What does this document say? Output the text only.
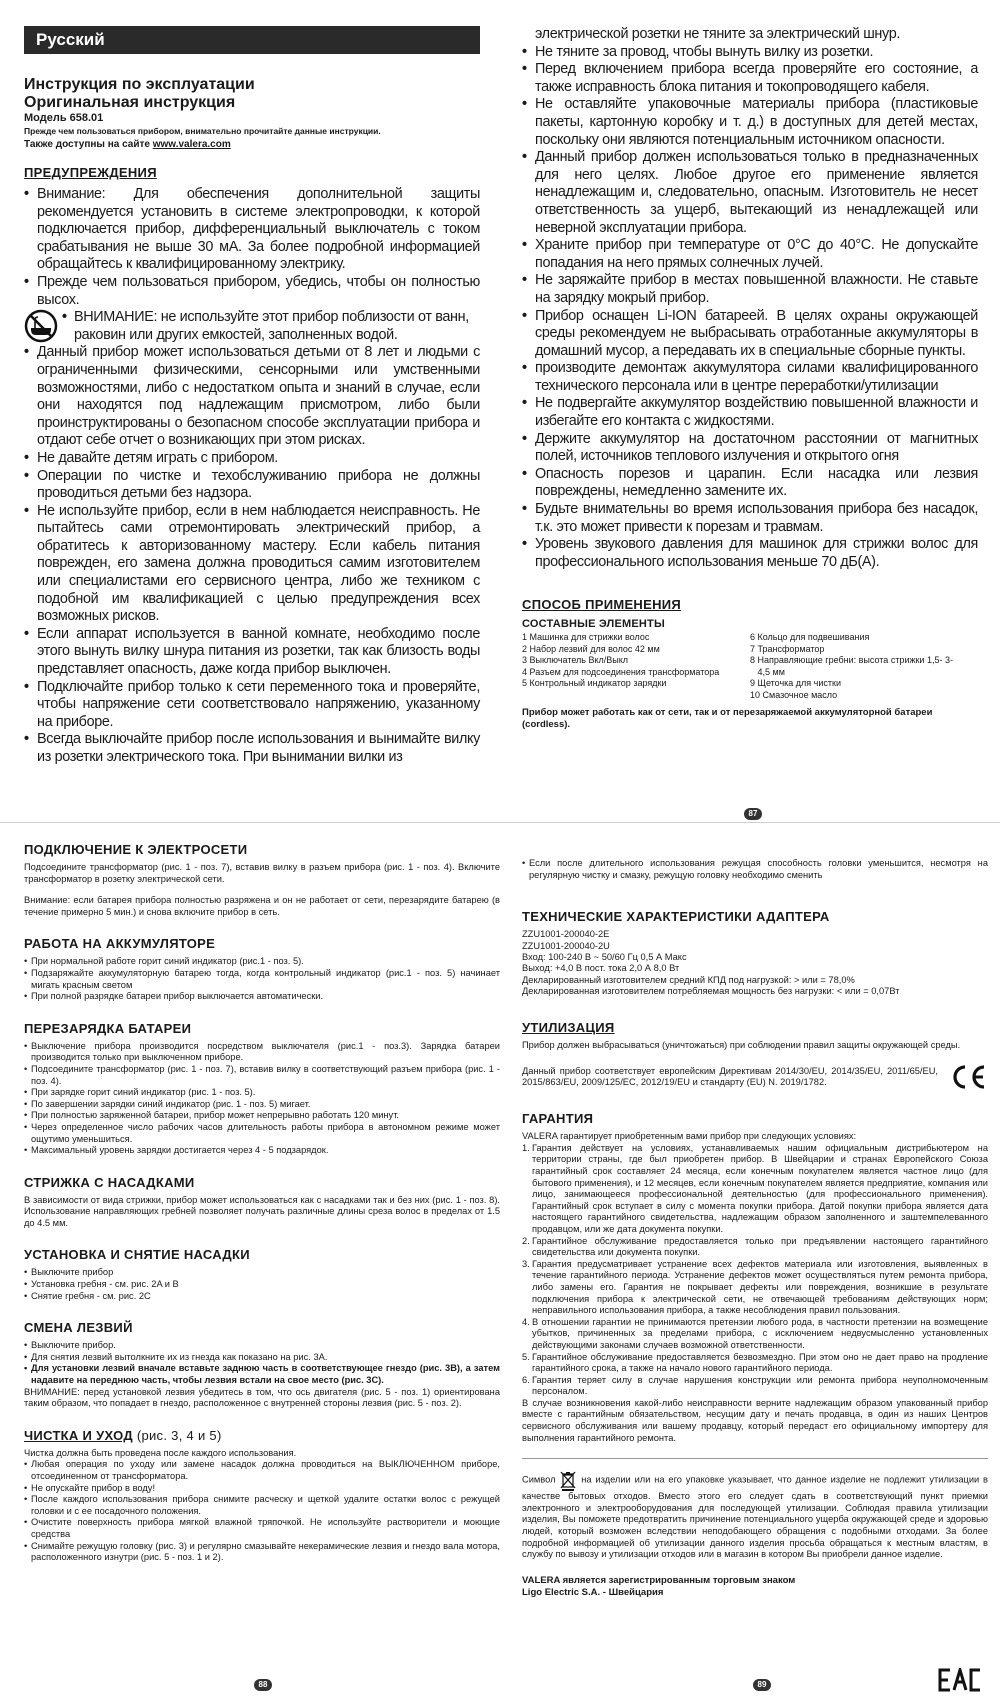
Русский
Инструкция по эксплуатации
Оригинальная инструкция
Модель 658.01
Прежде чем пользоваться прибором, внимательно прочитайте данные инструкции.
Также доступны на сайте www.valera.com
ПРЕДУПРЕЖДЕНИЯ
• Внимание: Для обеспечения дополнительной защиты рекомендуется установить в системе электропроводки, к которой подключается прибор, дифференциальный выключатель с током срабатывания не выше 30 мА. За более подробной информацией обращайтесь к квалифицированному электрику.
• Прежде чем пользоваться прибором, убедись, чтобы он полностью высох.
• ВНИМАНИЕ: не используйте этот прибор поблизости от ванн, раковин или других емкостей, заполненных водой.
• Данный прибор может использоваться детьми от 8 лет и людьми с ограниченными физическими, сенсорными или умственными возможностями, либо с недостатком опыта и знаний в случае, если они находятся под надлежащим присмотром, либо были проинструктированы о безопасном способе эксплуатации прибора и отдают себе отчет о возникающих при этом рисках.
• Не давайте детям играть с прибором.
• Операции по чистке и техобслуживанию прибора не должны проводиться детьми без надзора.
• Не используйте прибор, если в нем наблюдается неисправность. Не пытайтесь сами отремонтировать электрический прибор, а обратитесь к авторизованному мастеру. Если кабель питания поврежден, его замена должна проводиться самим изготовителем или специалистами его сервисного центра, либо же техником с подобной им квалификацией с целью предупреждения всех возможных рисков.
• Если аппарат используется в ванной комнате, необходимо после этого вынуть вилку шнура питания из розетки, так как близость воды представляет опасность, даже когда прибор выключен.
• Подключайте прибор только к сети переменного тока и проверяйте, чтобы напряжение сети соответствовало напряжению, указанному на приборе.
• Всегда выключайте прибор после использования и вынимайте вилку из розетки электрического тока. При вынимании вилки из
электрической розетки не тяните за электрический шнур.
• Не тяните за провод, чтобы вынуть вилку из розетки.
• Перед включением прибора всегда проверяйте его состояние, а также исправность блока питания и токопроводящего кабеля.
• Не оставляйте упаковочные материалы прибора (пластиковые пакеты, картонную коробку и т. д.) в доступных для детей местах, поскольку они являются потенциальным источником опасности.
• Данный прибор должен использоваться только в предназначенных для него целях. Любое другое его применение является ненадлежащим и, следовательно, опасным. Изготовитель не несет ответственность за ущерб, вытекающий из ненадлежащей или неверной эксплуатации прибора.
• Храните прибор при температуре от 0°С до 40°С. Не допускайте попадания на него прямых солнечных лучей.
• Не заряжайте прибор в местах повышенной влажности. Не ставьте на зарядку мокрый прибор.
• Прибор оснащен Li-ION батареей. В целях охраны окружающей среды рекомендуем не выбрасывать отработанные аккумуляторы в домашний мусор, а передавать их в специальные сборные пункты.
• производите демонтаж аккумулятора силами квалифицированного технического персонала или в центре переработки/утилизации
• Не подвергайте аккумулятор воздействию повышенной влажности и избегайте его контакта с жидкостями.
• Держите аккумулятор на достаточном расстоянии от магнитных полей, источников теплового излучения и открытого огня
• Опасность порезов и царапин. Если насадка или лезвия повреждены, немедленно замените их.
• Будьте внимательны во время использования прибора без насадок, т.к. это может привести к порезам и травмам.
• Уровень звукового давления для машинок для стрижки волос для профессионального использования меньше 70 дБ(А).
СПОСОБ ПРИМЕНЕНИЯ
СОСТАВНЫЕ ЭЛЕМЕНТЫ
1 Машинка для стрижки волос
2 Набор лезвий для волос 42 мм
3 Выключатель Вкл/Выкл
4 Разъем для подсоединения трансформатора
5 Контрольный индикатор зарядки
6 Кольцо для подвешивания
7 Трансформатор
8 Направляющие гребни: высота стрижки 1,5- 3-
4,5 мм
9 Щеточка для чистки
10 Смазочное масло
Прибор может работать как от сети, так и от перезаряжаемой аккумуляторной батареи (cordless).
87
ПОДКЛЮЧЕНИЕ К ЭЛЕКТРОСЕТИ

Подсоедините трансформатор (рис. 1 - поз. 7), вставив вилку в разъем прибора (рис. 1 - поз. 4). Включите трансформатор в розетку электрической сети.

Внимание: если батарея прибора полностью разряжена и он не работает от сети, перезарядите батарею (в течение примерно 5 мин.) и снова включите прибор в сеть.

РАБОТА НА АККУМУЛЯТОРЕ
• При нормальной работе горит синий индикатор (рис.1 - поз. 5).
• Подзаряжайте аккумуляторную батарею тогда, когда контрольный индикатор (рис.1 - поз. 5) начинает мигать красным светом
• При полной разрядке батареи прибор выключается автоматически.
ПЕРЕЗАРЯДКА БАТАРЕИ
• Выключение прибора производится посредством выключателя (рис.1 - поз.3). Зарядка батареи производится только при выключенном приборе.
• Подсоедините трансформатор (рис. 1 - поз. 7), вставив вилку в соответствующий разъем прибора (рис. 1 - поз. 4).
• При зарядке горит синий индикатор (рис. 1 - поз. 5).
• По завершении зарядки синий индикатор (рис. 1 - поз. 5) мигает.
• При полностью заряженной батареи, прибор может непрерывно работать 120 минут.
• Через определенное число рабочих часов длительность работы прибора в автономном режиме может ощутимо уменьшиться.
• Максимальный уровень зарядки достигается через 4 - 5 подзарядок.
СТРИЖКА С НАСАДКАМИ

В зависимости от вида стрижки, прибор может использоваться как с насадками так и без них (рис. 1 - поз. 8). Использование направляющих гребней позволяет получать различные длины среза волос в пределах от 1.5 до 4.5 мм.

УСТАНОВКА И СНЯТИЕ НАСАДКИ
• Выключите прибор
• Установка гребня - см. рис. 2A и B
• Снятие гребня - см. рис. 2C
СМЕНА ЛЕЗВИЙ
• Выключите прибор.
• Для снятия лезвий вытолкните их из гнезда как показано на рис. 3A.
• Для установки лезвий вначале вставьте заднюю часть в соответствующее гнездо (рис. 3B), а затем надавите на переднюю часть, чтобы лезвия встали на свое место (рис. 3C).

ВНИМАНИЕ: перед установкой лезвия убедитесь в том, что ось двигателя (рис. 5 - поз. 1) ориентирована таким образом, что попадает в гнездо, расположенное с внутренней стороны лезвия (рис. 5 - поз. 2).

ЧИСТКА И УХОД (рис. 3, 4 и 5)

Чистка должна быть проведена после каждого использования.

• Любая операция по уходу или замене насадок должна проводиться на ВЫКЛЮЧЕННОМ приборе, отсоединенном от трансформатора.
• Не опускайте прибор в воду!
• После каждого использования прибора снимите расческу и щеткой удалите остатки волос с режущей головки и с ее посадочного положения.
• Очистите поверхность прибора мягкой влажной тряпочкой. Не используйте растворители и моющие средства
• Снимайте режущую головку (рис. 3) и регулярно смазывайте некерамические лезвия и гнездо вала мотора, расположенного изнутри (рис. 5 - поз. 1 и 2).
88
• Если после длительного использования режущая способность головки уменьшится, несмотря на регулярную чистку и смазку, режущую головку необходимо сменить
ТЕХНИЧЕСКИЕ ХАРАКТЕРИСТИКИ АДАПТЕРА
ZZU1001-200040-2E
ZZU1001-200040-2U
Вход: 100-240 В ~ 50/60 Гц 0,5 А Макс
Выход: +4,0 В пост. тока 2,0 А 8,0 Вт
Декларированный изготовителем средний КПД под нагрузкой: > или = 78,0%
Декларированная изготовителем потребляемая мощность без нагрузки: < или = 0,07Вт
УТИЛИЗАЦИЯ

Прибор должен выбрасываться (уничтожаться) при соблюдении правил защиты окружающей среды.

Данный прибор соответствует европейским Директивам 2014/30/EU, 2014/35/EU, 2011/65/EU, 2015/863/EU, 2009/125/EC, 2012/19/EU и стандарту (EU) N. 2019/1782.

ГАРАНТИЯ

VALERA гарантирует приобретенным вами прибор при следующих условиях:

1. Гарантия действует на условиях, устанавливаемых нашим официальным дистрибьютером на территории страны, где был приобретен прибор. В Швейцарии и странах Европейского Союза гарантийный срок составляет 24 месяца, если конечным покупателем является частное лицо (для бытового применения), и 12 месяцев, если конечным покупателем является предприятие, компания или лицо, занимающееся профессиональной деятельностью (для профессионального применения). Гарантийный срок вступает в силу с момента покупки прибора. Датой покупки прибора является дата настоящего гарантийного свидетельства, надлежащим образом заполненного и заштемпелеванного продавцом, или же дата документа покупки.
2. Гарантийное обслуживание предоставляется только при предъявлении настоящего гарантийного свидетельства или документа покупки.
3. Гарантия предусматривает устранение всех дефектов материала или изготовления, выявленных в течение гарантийного периода. Устранение дефектов может осуществляться путем ремонта прибора, либо замены его. Гарантия не покрывает дефекты или повреждения, возникшие в результате подключения прибора к электрической сети, не отвечающей требованиям действующих норм; неправильного использования прибора, а также несоблюдения правил пользования.
4. В отношении гарантии не принимаются претензии любого рода, в частности претензии на возмещение убытков, причиненных за пределами прибора, с исключением недвусмысленно установленных действующими законами случаев возможной ответственности.
5. Гарантийное обслуживание предоставляется безвозмездно. При этом оно не дает право на продление гарантийного срока, а также на начало нового гарантийного периода.
6. Гарантия теряет силу в случае нарушения конструкции или ремонта прибора неуполномоченным персоналом.

В случае возникновения какой-либо неисправности верните надлежащим образом упакованный прибор вместе с гарантийным обязательством, несущим дату и печать продавца, в один из наших Центров сервисного обслуживания или вашему продавцу, который передаст его официальному импортеру для выполнения гарантийного ремонта.

Символ	на изделии или на его упаковке указывает, что данное изделие не подлежит утилизации в качестве бытовых отходов. Вместо этого его следует сдать в соответствующий пункт приемки электронного и электрооборудования для последующей утилизации. Соблюдая правила утилизации изделия, Вы поможете предотвратить причинение потенциального ущерба окружающей среде и здоровью людей, который возможен вследствии неподобающего обращения с подобными отходами. За более подробной информацией об утилизации данного изделия просьба обращаться к местным властям, в службу по вывозу и утилизации отходов или в магазин в котором Вы приобрели данное изделие.

VALERA является зарегистрированным торговым знаком
Ligo Electric S.A. - Швейцария
89
